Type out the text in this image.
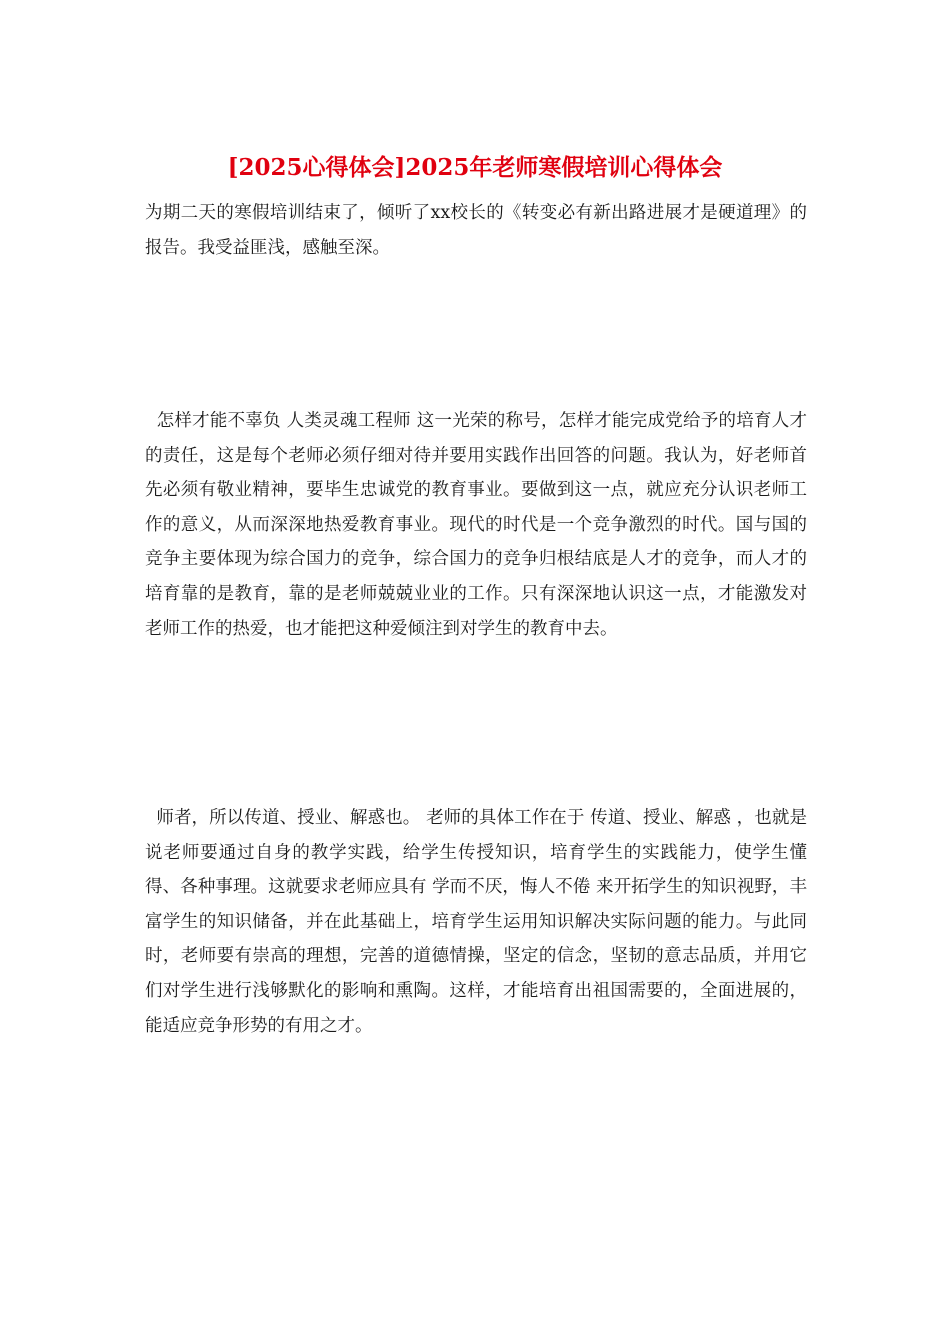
[2025心得体会]2025年老师寒假培训心得体会

为期二天的寒假培训结束了，倾听了xx校长的《转变必有新出路进展才是硬道理》的报告。我受益匪浅，感触至深。

怎样才能不辜负 人类灵魂工程师 这一光荣的称号，怎样才能完成党给予的培育人才的责任，这是每个老师必须仔细对待并要用实践作出回答的问题。我认为，好老师首先必须有敬业精神，要毕生忠诚党的教育事业。要做到这一点，就应充分认识老师工作的意义，从而深深地热爱教育事业。现代的时代是一个竞争激烈的时代。国与国的竞争主要体现为综合国力的竞争，综合国力的竞争归根结底是人才的竞争，而人才的培育靠的是教育，靠的是老师兢兢业业的工作。只有深深地认识这一点，才能激发对老师工作的热爱，也才能把这种爱倾注到对学生的教育中去。

师者，所以传道、授业、解惑也。 老师的具体工作在于 传道、授业、解惑 ，也就是说老师要通过自身的教学实践，给学生传授知识，培育学生的实践能力，使学生懂得、各种事理。这就要求老师应具有 学而不厌，悔人不倦 来开拓学生的知识视野，丰富学生的知识储备，并在此基础上，培育学生运用知识解决实际问题的能力。与此同时，老师要有崇高的理想，完善的道德情操，坚定的信念，坚韧的意志品质，并用它们对学生进行浅够默化的影响和熏陶。这样，才能培育出祖国需要的，全面进展的，能适应竞争形势的有用之才。
